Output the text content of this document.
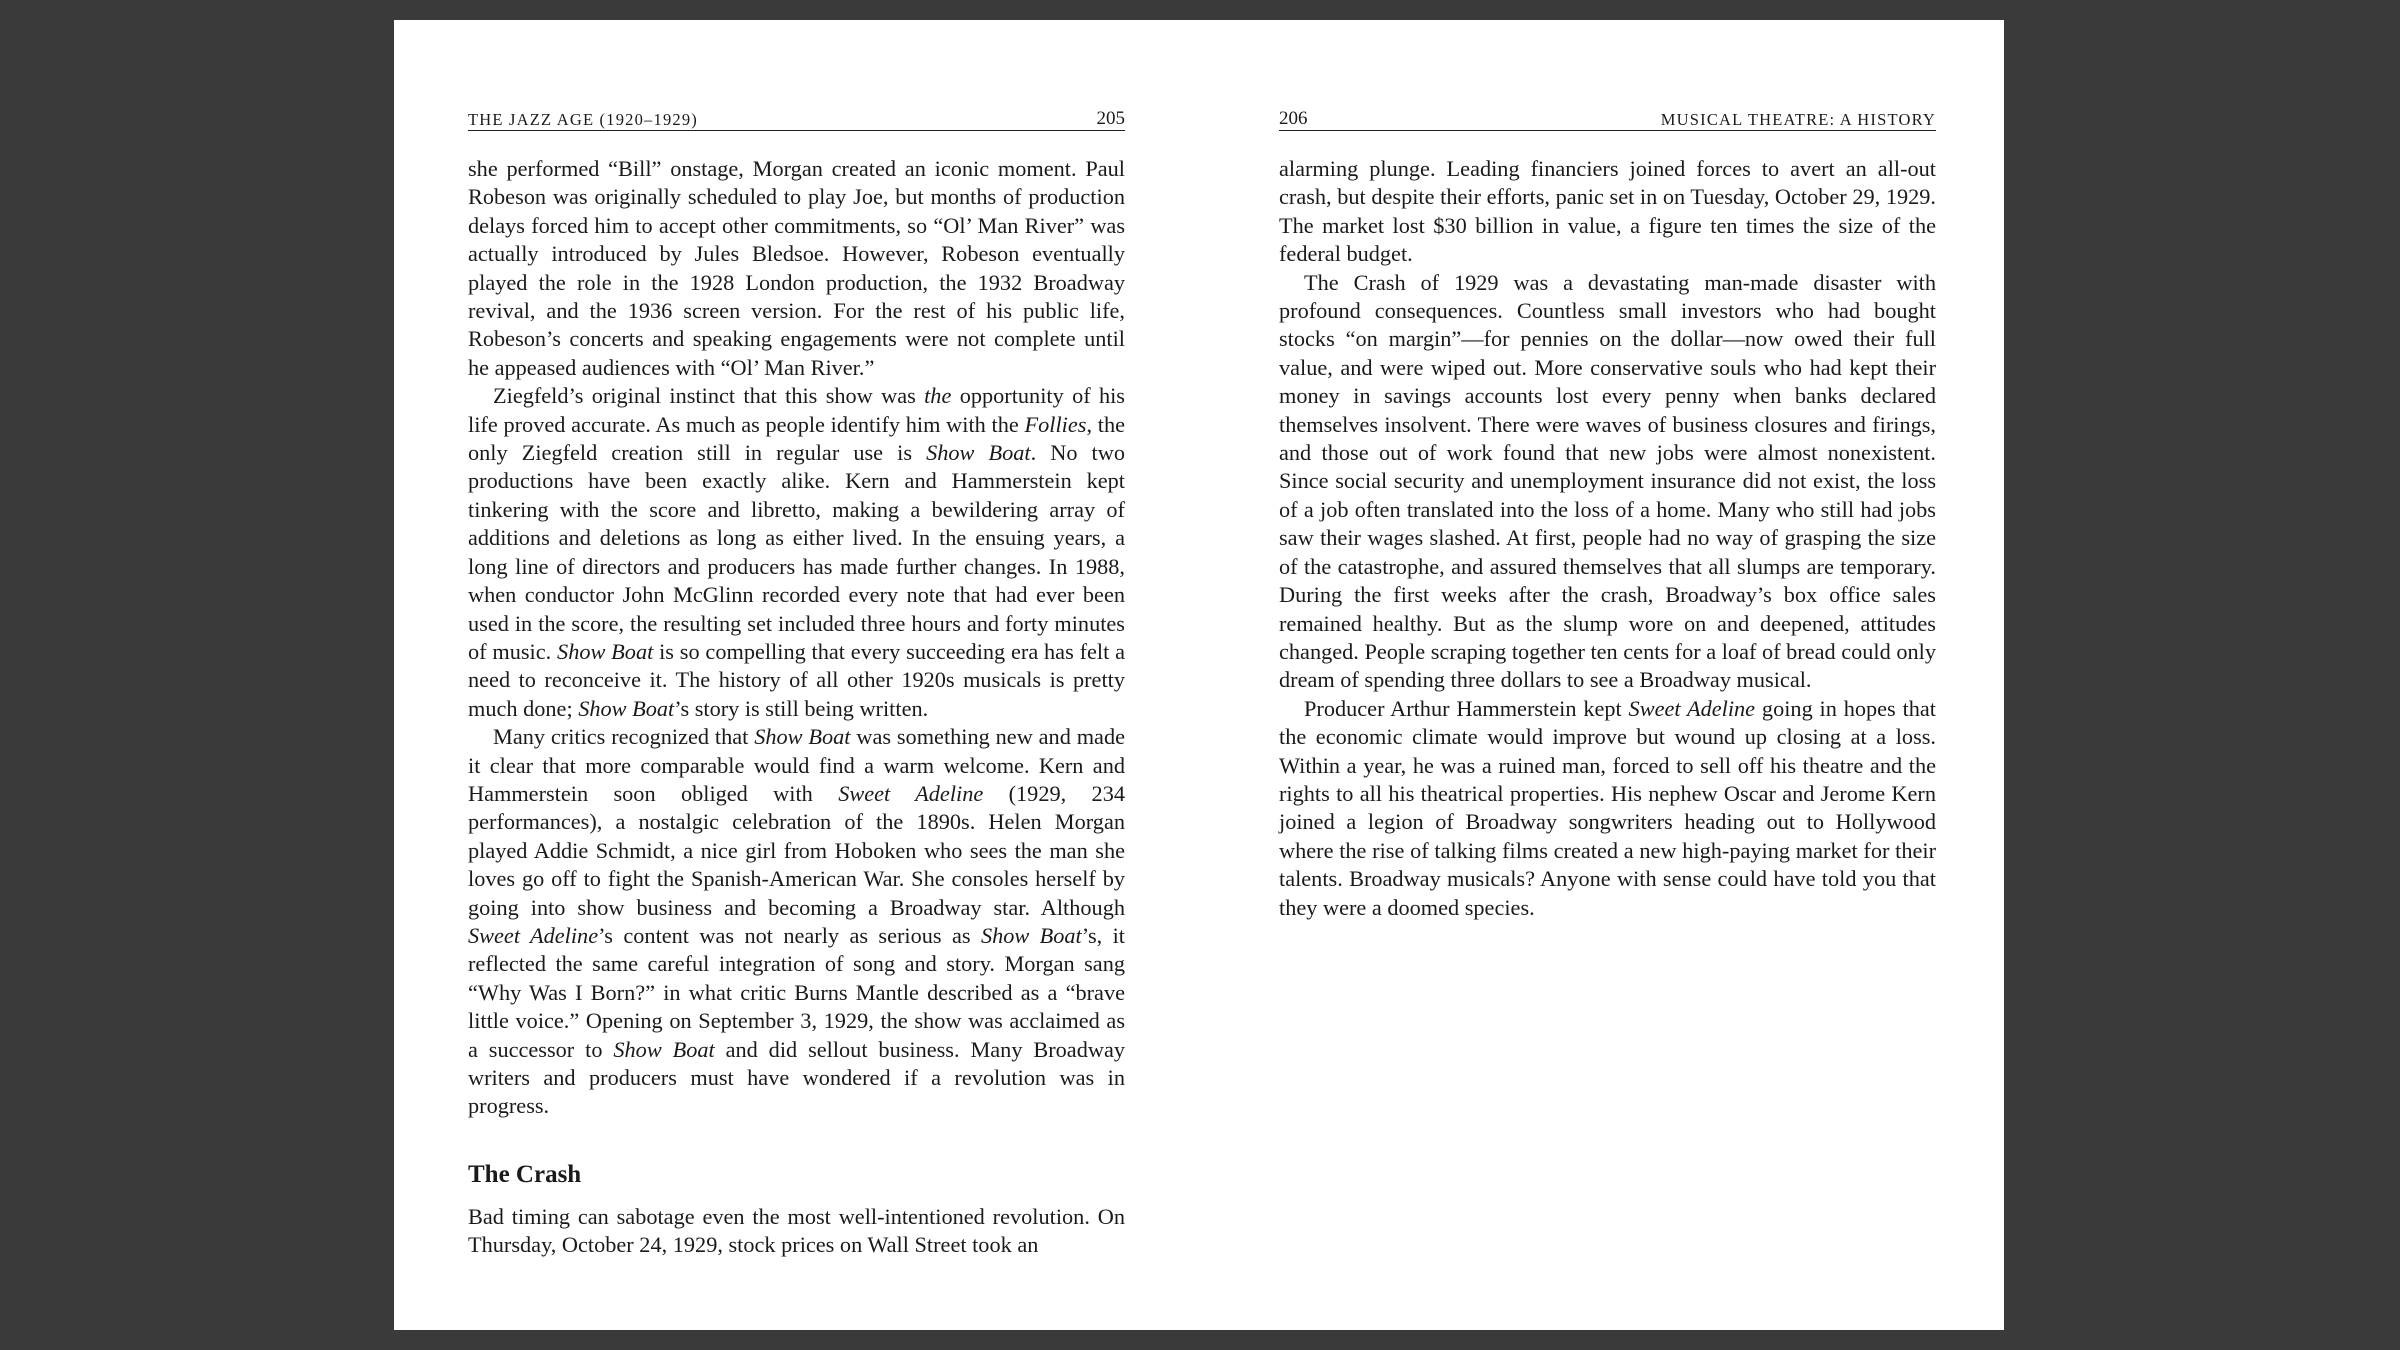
THE JAZZ AGE (1920–1929)	205

she performed “Bill” onstage, Morgan created an iconic moment. Paul Robeson was originally scheduled to play Joe, but months of production delays forced him to accept other commitments, so “Ol’ Man River” was actually introduced by Jules Bledsoe. However, Robeson eventually played the role in the 1928 London production, the 1932 Broadway revival, and the 1936 screen version. For the rest of his public life, Robeson’s concerts and speaking engagements were not complete until he appeased audiences with “Ol’ Man River.”

Ziegfeld’s original instinct that this show was the opportunity of his life proved accurate. As much as people identify him with the Follies, the only Ziegfeld creation still in regular use is Show Boat. No two productions have been exactly alike. Kern and Hammerstein kept tinkering with the score and libretto, making a bewildering array of additions and deletions as long as either lived. In the ensuing years, a long line of directors and producers has made further changes. In 1988, when conductor John McGlinn recorded every note that had ever been used in the score, the resulting set included three hours and forty minutes of music. Show Boat is so compelling that every succeeding era has felt a need to reconceive it. The history of all other 1920s musicals is pretty much done; Show Boat’s story is still being written.

Many critics recognized that Show Boat was something new and made it clear that more comparable would find a warm welcome. Kern and Hammerstein soon obliged with Sweet Adeline (1929, 234 performances), a nostalgic celebration of the 1890s. Helen Morgan played Addie Schmidt, a nice girl from Hoboken who sees the man she loves go off to fight the Spanish-American War. She consoles herself by going into show business and becoming a Broadway star. Although Sweet Adeline’s content was not nearly as serious as Show Boat’s, it reflected the same careful integration of song and story. Morgan sang “Why Was I Born?” in what critic Burns Mantle described as a “brave little voice.” Opening on September 3, 1929, the show was acclaimed as a successor to Show Boat and did sellout business. Many Broadway writers and producers must have wondered if a revolution was in progress.

The Crash

Bad timing can sabotage even the most well-intentioned revolution. On Thursday, October 24, 1929, stock prices on Wall Street took an

206	MUSICAL THEATRE: A HISTORY

alarming plunge. Leading financiers joined forces to avert an all-out crash, but despite their efforts, panic set in on Tuesday, October 29, 1929. The market lost $30 billion in value, a figure ten times the size of the federal budget.

The Crash of 1929 was a devastating man-made disaster with profound consequences. Countless small investors who had bought stocks “on margin”—for pennies on the dollar—now owed their full value, and were wiped out. More conservative souls who had kept their money in savings accounts lost every penny when banks declared themselves insolvent. There were waves of business closures and firings, and those out of work found that new jobs were almost nonexistent. Since social security and unemployment insurance did not exist, the loss of a job often translated into the loss of a home. Many who still had jobs saw their wages slashed. At first, people had no way of grasping the size of the catastrophe, and assured themselves that all slumps are temporary. During the first weeks after the crash, Broadway’s box office sales remained healthy. But as the slump wore on and deepened, attitudes changed. People scraping together ten cents for a loaf of bread could only dream of spending three dollars to see a Broadway musical.

Producer Arthur Hammerstein kept Sweet Adeline going in hopes that the economic climate would improve but wound up closing at a loss. Within a year, he was a ruined man, forced to sell off his theatre and the rights to all his theatrical properties. His nephew Oscar and Jerome Kern joined a legion of Broadway songwriters heading out to Hollywood where the rise of talking films created a new high-paying market for their talents. Broadway musicals? Anyone with sense could have told you that they were a doomed species.
